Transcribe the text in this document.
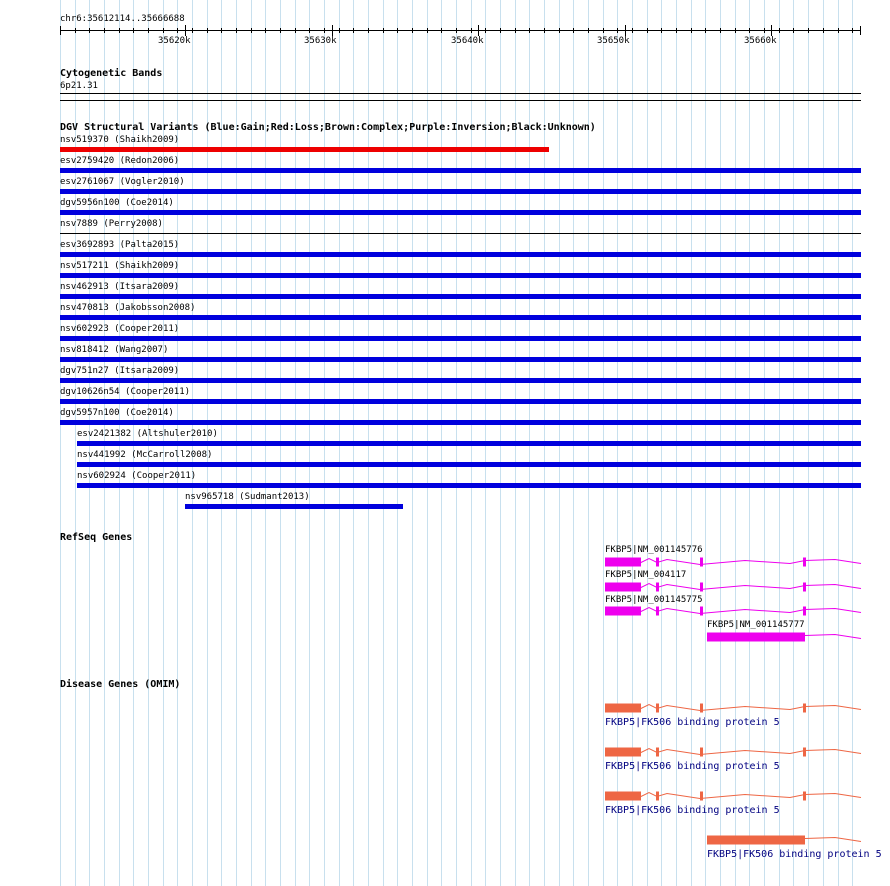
chr6:35612114..35666688
35620k	35630k	35640k	35650k	35660k
Cytogenetic Bands
6p21.31
DGV Structural Variants (Blue:Gain;Red:Loss;Brown:Complex;Purple:Inversion;Black:Unknown)
nsv519370 (Shaikh2009)
esv2759420 (Redon2006)
esv2761067 (Vogler2010)
dgv5956n100 (Coe2014)
nsv7889 (Perry2008)
esv3692893 (Palta2015)
nsv517211 (Shaikh2009)
nsv462913 (Itsara2009)
nsv470813 (Jakobsson2008)
nsv602923 (Cooper2011)
nsv818412 (Wang2007)
dgv751n27 (Itsara2009)
dgv10626n54 (Cooper2011)
dgv5957n100 (Coe2014)
esv2421382 (Altshuler2010)
nsv441992 (McCarroll2008)
nsv602924 (Cooper2011)
nsv965718 (Sudmant2013)
RefSeq Genes
FKBP5|NM_001145776
FKBP5|NM_004117
FKBP5|NM_001145775
FKBP5|NM_001145777
Disease Genes (OMIM)
FKBP5|FK506 binding protein 5
FKBP5|FK506 binding protein 5
FKBP5|FK506 binding protein 5
FKBP5|FK506 binding protein 5
